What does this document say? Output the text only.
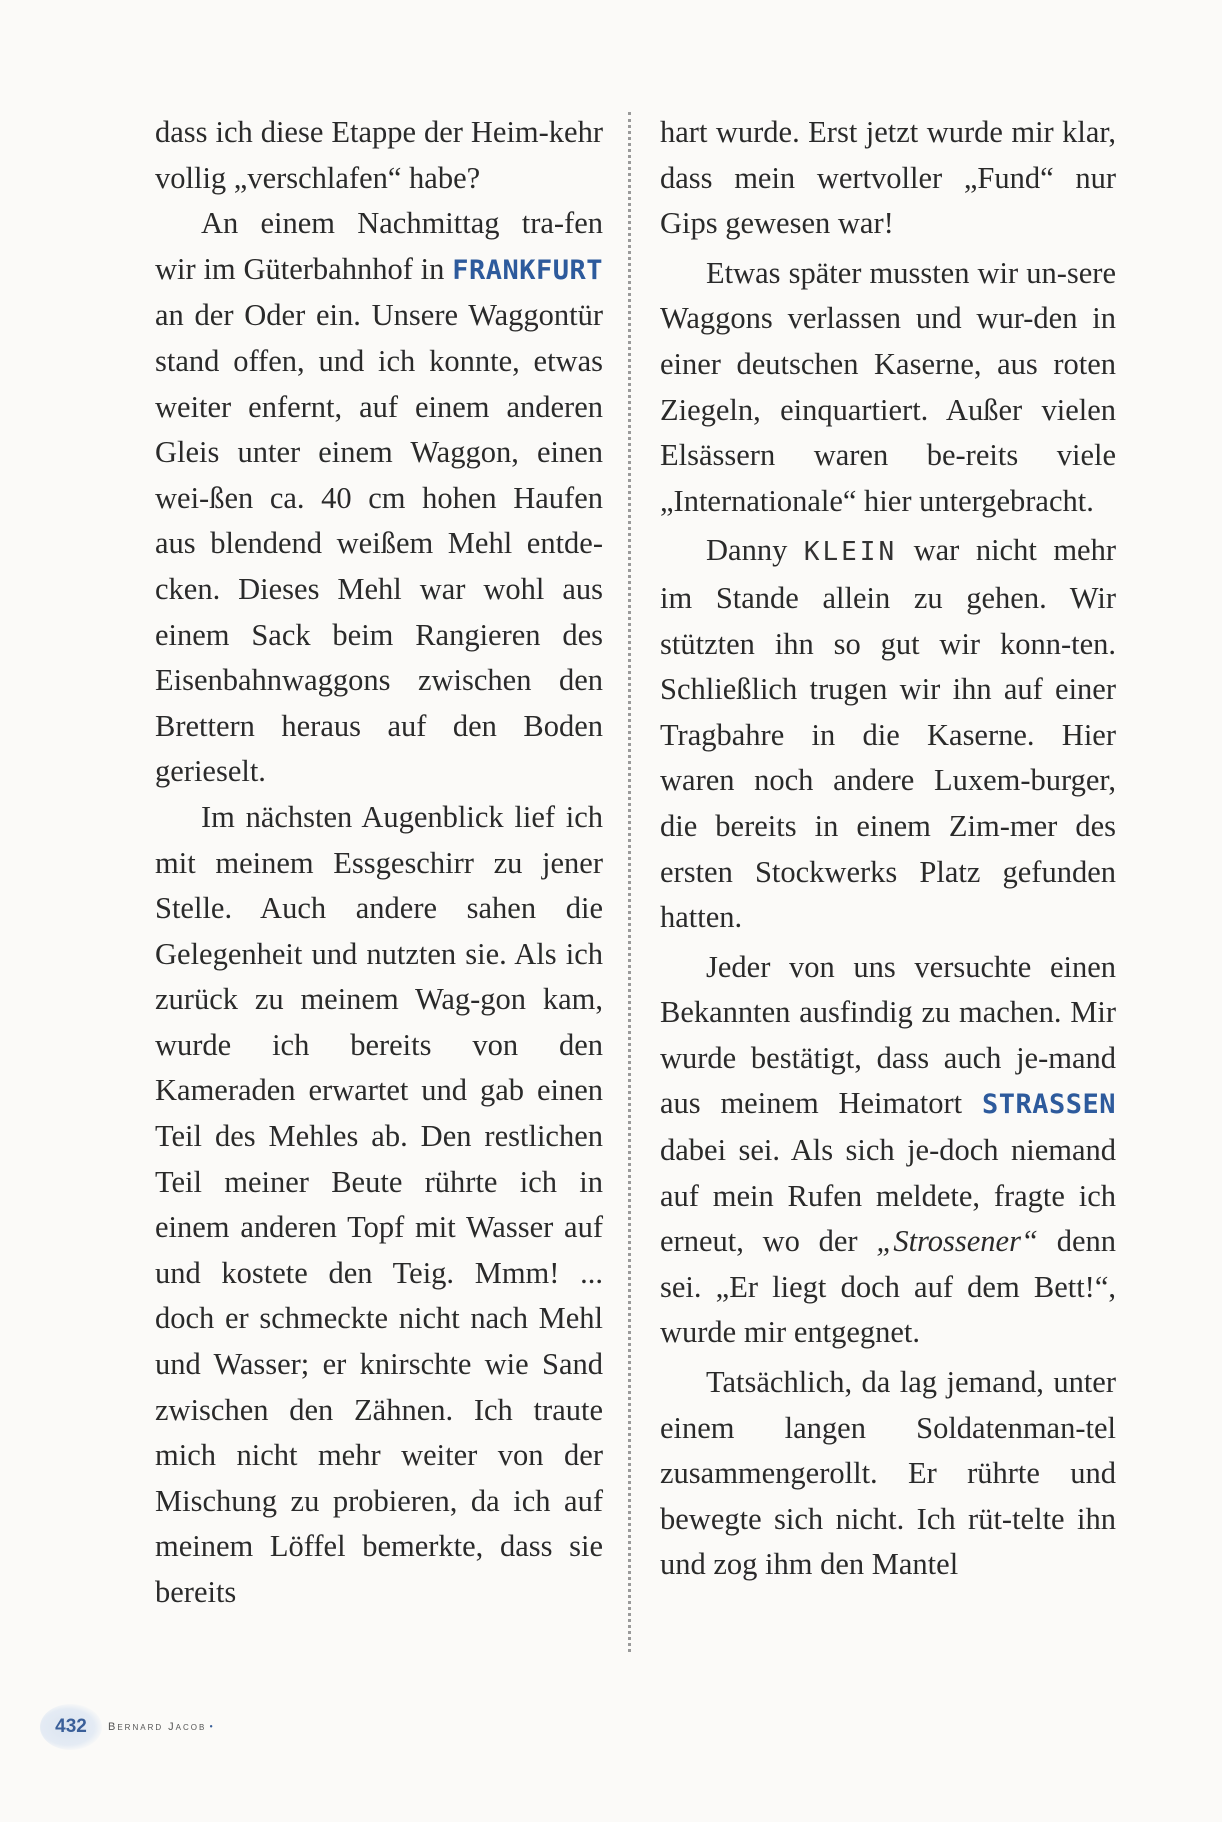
dass ich diese Etappe der Heim-kehr vollig „verschlafen“ habe?

An einem Nachmittag tra-fen wir im Güterbahnhof in FRANKFURT an der Oder ein. Unsere Waggontür stand offen, und ich konnte, etwas weiter enfernt, auf einem anderen Gleis unter einem Waggon, einen wei-ßen ca. 40 cm hohen Haufen aus blendend weißem Mehl entde-cken. Dieses Mehl war wohl aus einem Sack beim Rangieren des Eisenbahnwaggons zwischen den Brettern heraus auf den Boden gerieselt.

Im nächsten Augenblick lief ich mit meinem Essgeschirr zu jener Stelle. Auch andere sahen die Gelegenheit und nutzten sie. Als ich zurück zu meinem Wag-gon kam, wurde ich bereits von den Kameraden erwartet und gab einen Teil des Mehles ab. Den restlichen Teil meiner Beute rührte ich in einem anderen Topf mit Wasser auf und kostete den Teig. Mmm! ... doch er schmeckte nicht nach Mehl und Wasser; er knirschte wie Sand zwischen den Zähnen. Ich traute mich nicht mehr weiter von der Mischung zu probieren, da ich auf meinem Löffel bemerkte, dass sie bereits

hart wurde. Erst jetzt wurde mir klar, dass mein wertvoller „Fund“ nur Gips gewesen war!

Etwas später mussten wir un-sere Waggons verlassen und wur-den in einer deutschen Kaserne, aus roten Ziegeln, einquartiert. Außer vielen Elsässern waren be-reits viele „Internationale“ hier untergebracht.

Danny KLEIN war nicht mehr im Stande allein zu gehen. Wir stützten ihn so gut wir konn-ten. Schließlich trugen wir ihn auf einer Tragbahre in die Kaserne. Hier waren noch andere Luxem-burger, die bereits in einem Zim-mer des ersten Stockwerks Platz gefunden hatten.

Jeder von uns versuchte einen Bekannten ausfindig zu machen. Mir wurde bestätigt, dass auch je-mand aus meinem Heimatort STRASSEN dabei sei. Als sich je-doch niemand auf mein Rufen meldete, fragte ich erneut, wo der „Strossener“ denn sei. „Er liegt doch auf dem Bett!“, wurde mir entgegnet.

Tatsächlich, da lag jemand, unter einem langen Soldatenman-tel zusammengerollt. Er rührte und bewegte sich nicht. Ich rüt-telte ihn und zog ihm den Mantel

432 Bernard Jacob •
